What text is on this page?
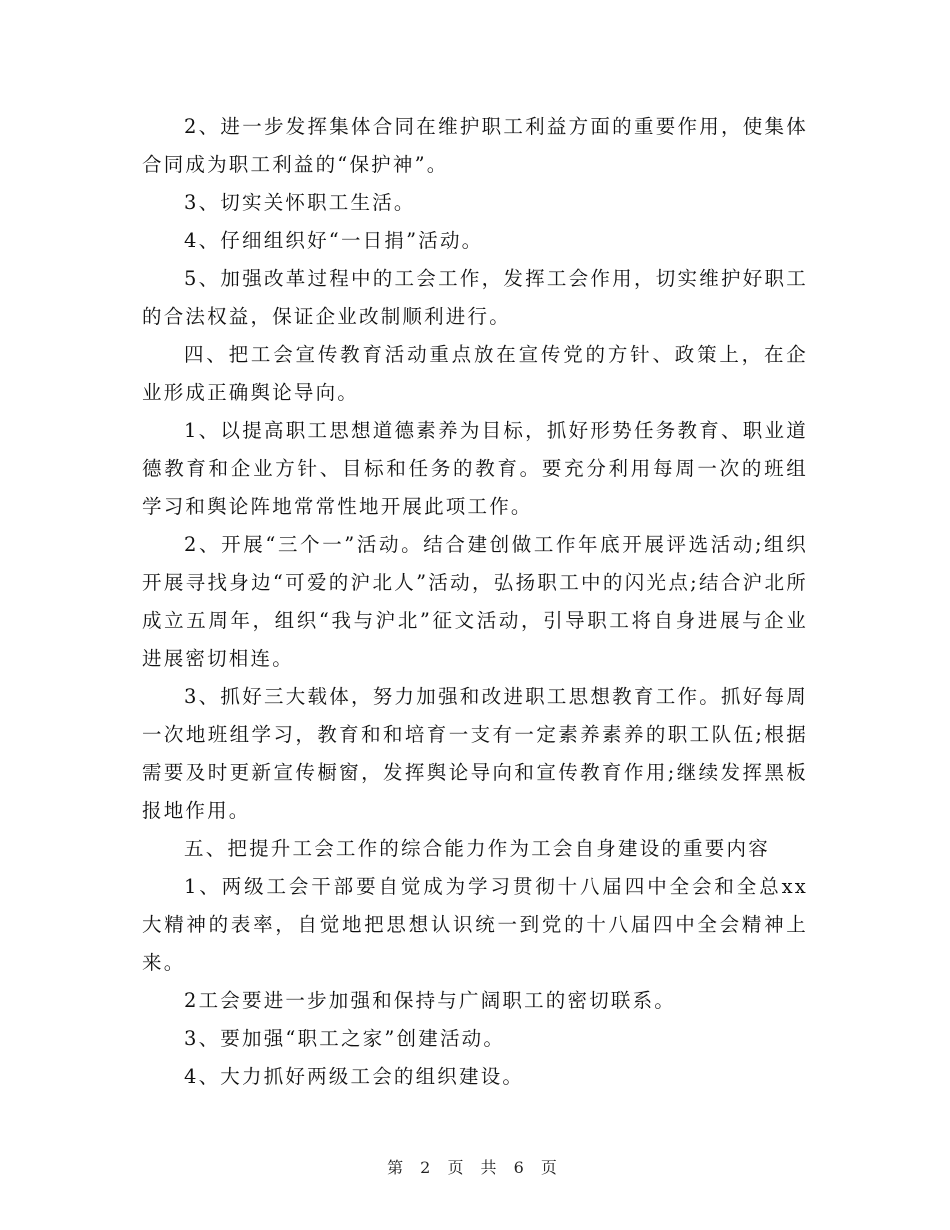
2、进一步发挥集体合同在维护职工利益方面的重要作用，使集体合同成为职工利益的“保护神”。

3、切实关怀职工生活。

4、仔细组织好“一日捐”活动。

5、加强改革过程中的工会工作，发挥工会作用，切实维护好职工的合法权益，保证企业改制顺利进行。

四、把工会宣传教育活动重点放在宣传党的方针、政策上，在企业形成正确舆论导向。

1、以提高职工思想道德素养为目标，抓好形势任务教育、职业道德教育和企业方针、目标和任务的教育。要充分利用每周一次的班组学习和舆论阵地常常性地开展此项工作。

2、开展“三个一”活动。结合建创做工作年底开展评选活动;组织开展寻找身边“可爱的沪北人”活动，弘扬职工中的闪光点;结合沪北所成立五周年，组织“我与沪北”征文活动，引导职工将自身进展与企业进展密切相连。

3、抓好三大载体，努力加强和改进职工思想教育工作。抓好每周一次地班组学习，教育和和培育一支有一定素养素养的职工队伍;根据需要及时更新宣传橱窗，发挥舆论导向和宣传教育作用;继续发挥黑板报地作用。

五、把提升工会工作的综合能力作为工会自身建设的重要内容

1、两级工会干部要自觉成为学习贯彻十八届四中全会和全总xx大精神的表率，自觉地把思想认识统一到党的十八届四中全会精神上来。

2工会要进一步加强和保持与广阔职工的密切联系。

3、要加强“职工之家”创建活动。

4、大力抓好两级工会的组织建设。

第 2 页 共 6 页
